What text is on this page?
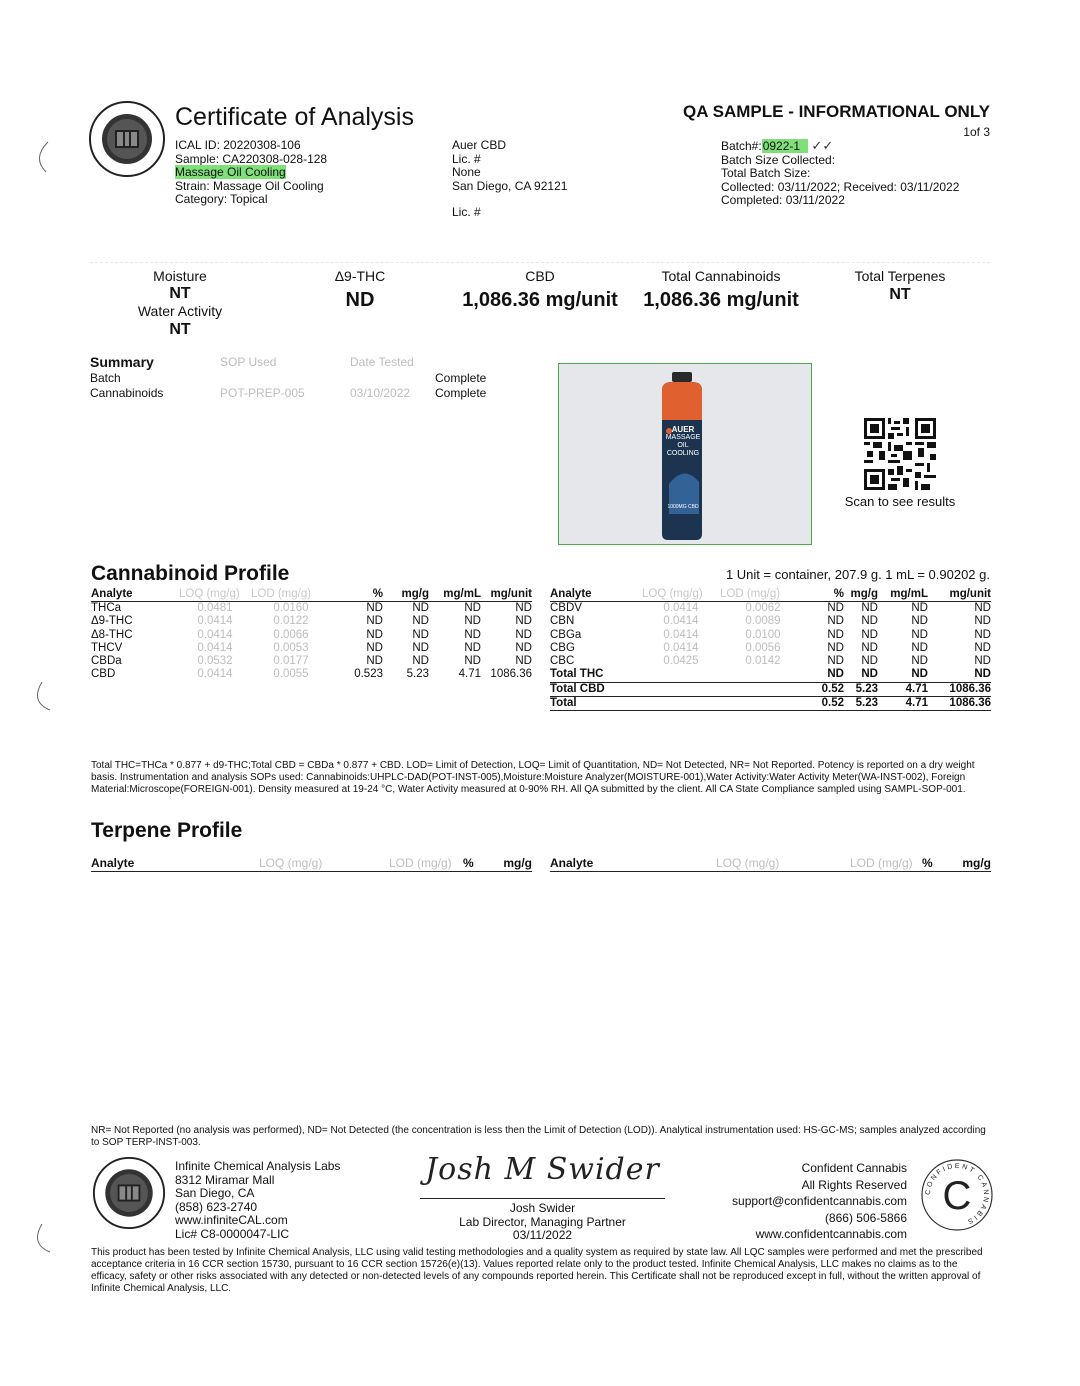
Certificate of Analysis
ICAL ID: 20220308-106
Sample: CA220308-028-128
Massage Oil Cooling
Strain: Massage Oil Cooling
Category: Topical
Auer CBD
Lic. #
None
San Diego, CA 92121
Lic. #
QA SAMPLE - INFORMATIONAL ONLY
1of 3
Batch#:0922-1 ✓✓
Batch Size Collected:
Total Batch Size:
Collected: 03/11/2022; Received: 03/11/2022
Completed: 03/11/2022
Moisture
NT
Water Activity
NT
Δ9-THC
ND
CBD
1,086.36 mg/unit
Total Cannabinoids
1,086.36 mg/unit
Total Terpenes
NT
Summary	SOP Used	Date Tested	
Batch			Complete
Cannabinoids	POT-PREP-005	03/10/2022	Complete
AUER
MASSAGE
OIL
COOLING
1000MG CBD	Scan to see results
Cannabinoid Profile	1 Unit = container, 207.9 g. 1 mL = 0.90202 g.
Analyte	LOQ (mg/g)	LOD (mg/g)	%	mg/g	mg/mL	mg/unit
THCa	0.0481	0.0160	ND	ND	ND	ND
Δ9-THC	0.0414	0.0122	ND	ND	ND	ND
Δ8-THC	0.0414	0.0066	ND	ND	ND	ND
THCV	0.0414	0.0053	ND	ND	ND	ND
CBDa	0.0532	0.0177	ND	ND	ND	ND
CBD	0.0414	0.0055	0.523	5.23	4.71	1086.36
Analyte	LOQ (mg/g)	LOD (mg/g)	%	mg/g	mg/mL	mg/unit
CBDV	0.0414	0.0062	ND	ND	ND	ND
CBN	0.0414	0.0089	ND	ND	ND	ND
CBGa	0.0414	0.0100	ND	ND	ND	ND
CBG	0.0414	0.0056	ND	ND	ND	ND
CBC	0.0425	0.0142	ND	ND	ND	ND
Total THC			ND	ND	ND	ND
Total CBD			0.52	5.23	4.71	1086.36
Total			0.52	5.23	4.71	1086.36
Total THC=THCa * 0.877 + d9-THC;Total CBD = CBDa * 0.877 + CBD. LOD= Limit of Detection, LOQ= Limit of Quantitation, ND= Not Detected, NR= Not Reported. Potency is reported on a dry weight basis. Instrumentation and analysis SOPs used: Cannabinoids:UHPLC-DAD(POT-INST-005),Moisture:Moisture Analyzer(MOISTURE-001),Water Activity:Water Activity Meter(WA-INST-002), Foreign Material:Microscope(FOREIGN-001). Density measured at 19-24 °C, Water Activity measured at 0-90% RH. All QA submitted by the client. All CA State Compliance sampled using SAMPL-SOP-001.
Terpene Profile
Analyte	LOQ (mg/g)	LOD (mg/g) % mg/g Analyte	LOQ (mg/g)	LOD (mg/g) % mg/g
NR= Not Reported (no analysis was performed), ND= Not Detected (the concentration is less then the Limit of Detection (LOD)). Analytical instrumentation used: HS-GC-MS; samples analyzed according to SOP TERP-INST-003.
Infinite Chemical Analysis Labs
8312 Miramar Mall
San Diego, CA
(858) 623-2740
www.infiniteCAL.com
Lic# C8-0000047-LIC
Josh M Swider
Josh Swider
Lab Director, Managing Partner
03/11/2022
Confident Cannabis
All Rights Reserved
support@confidentcannabis.com
(866) 506-5866
www.confidentcannabis.com
CONFIDENT CANNABIS
C
This product has been tested by Infinite Chemical Analysis, LLC using valid testing methodologies and a quality system as required by state law. All LQC samples were performed and met the prescribed acceptance criteria in 16 CCR section 15730, pursuant to 16 CCR section 15726(e)(13). Values reported relate only to the product tested. Infinite Chemical Analysis, LLC makes no claims as to the efficacy, safety or other risks associated with any detected or non-detected levels of any compounds reported herein. This Certificate shall not be reproduced except in full, without the written approval of Infinite Chemical Analysis, LLC.
